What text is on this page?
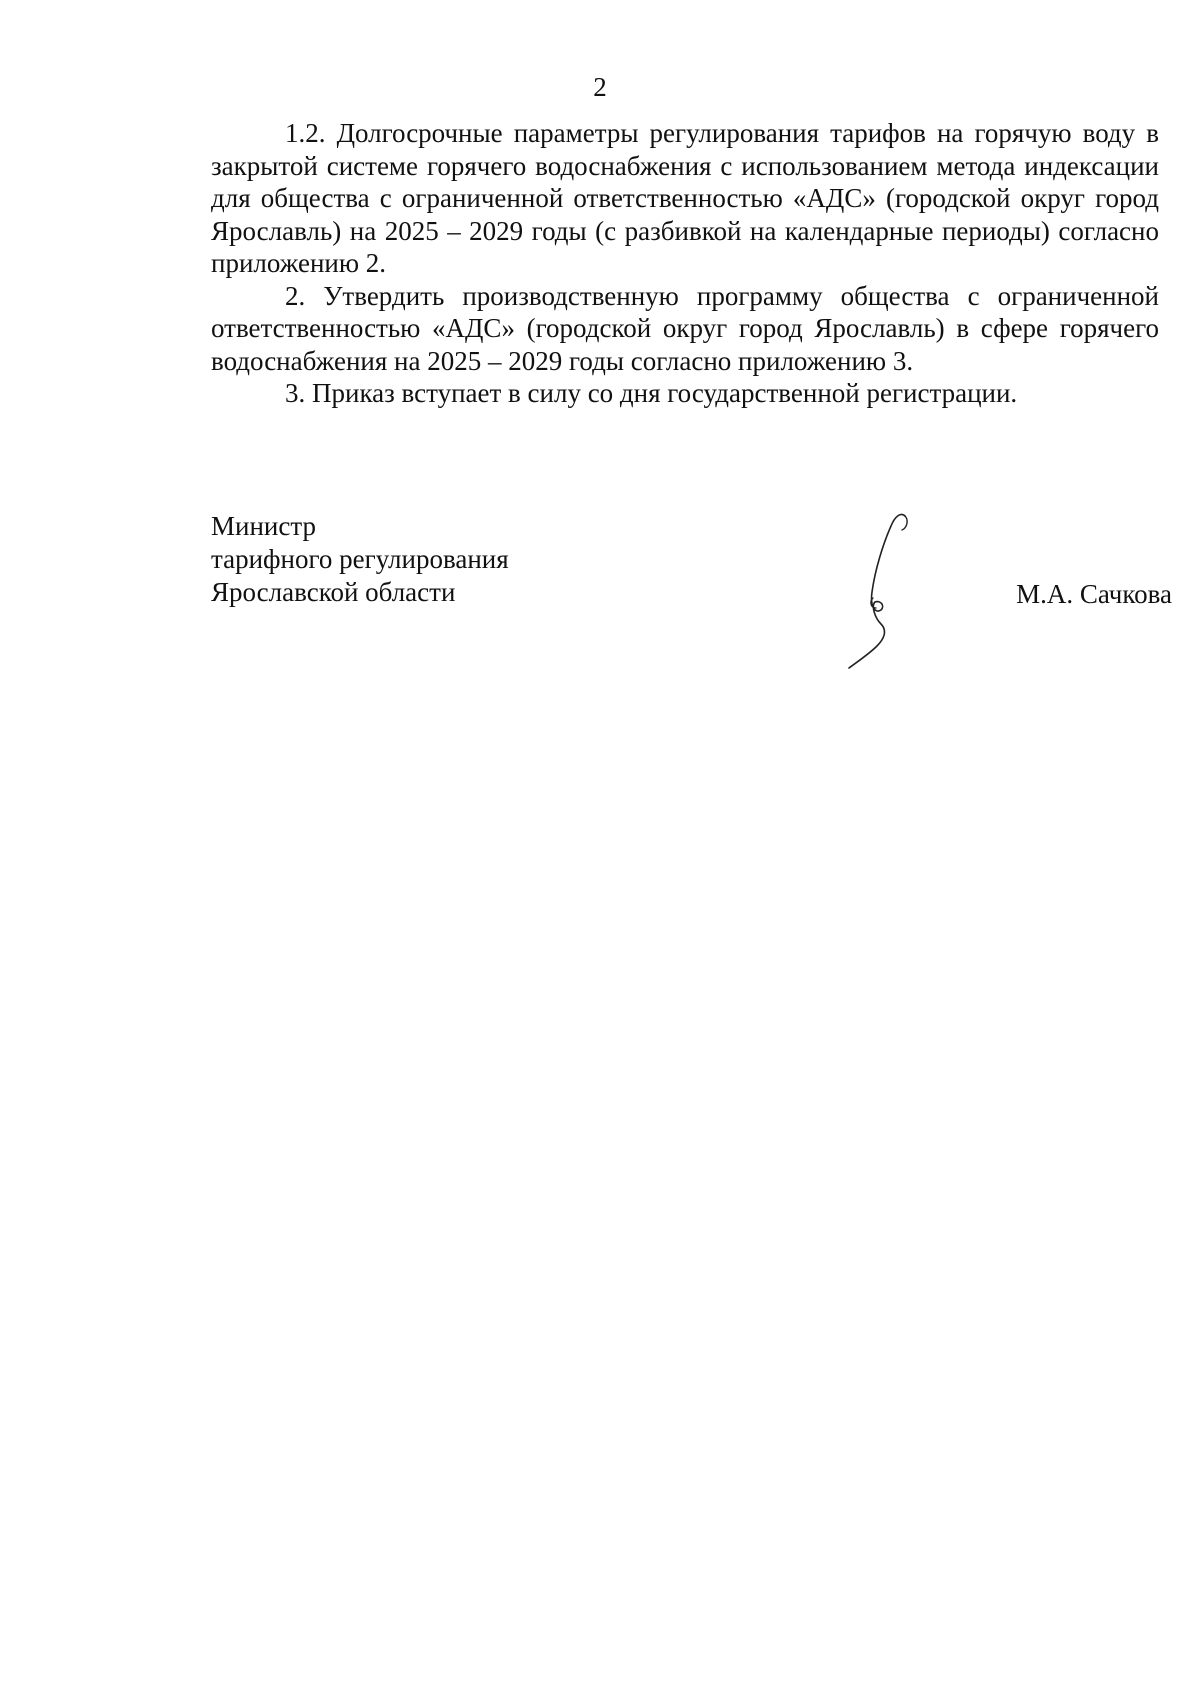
2

1.2. Долгосрочные параметры регулирования тарифов на горячую воду в закрытой системе горячего водоснабжения с использованием метода индексации для общества с ограниченной ответственностью «АДС» (городской округ город Ярославль) на 2025 – 2029 годы (с разбивкой на календарные периоды) согласно приложению 2.

2. Утвердить производственную программу общества с ограниченной ответственностью «АДС» (городской округ город Ярославль) в сфере горячего водоснабжения на 2025 – 2029 годы согласно приложению 3.

3. Приказ вступает в силу со дня государственной регистрации.

Министр
тарифного регулирования
Ярославской области	М.А. Сачкова
